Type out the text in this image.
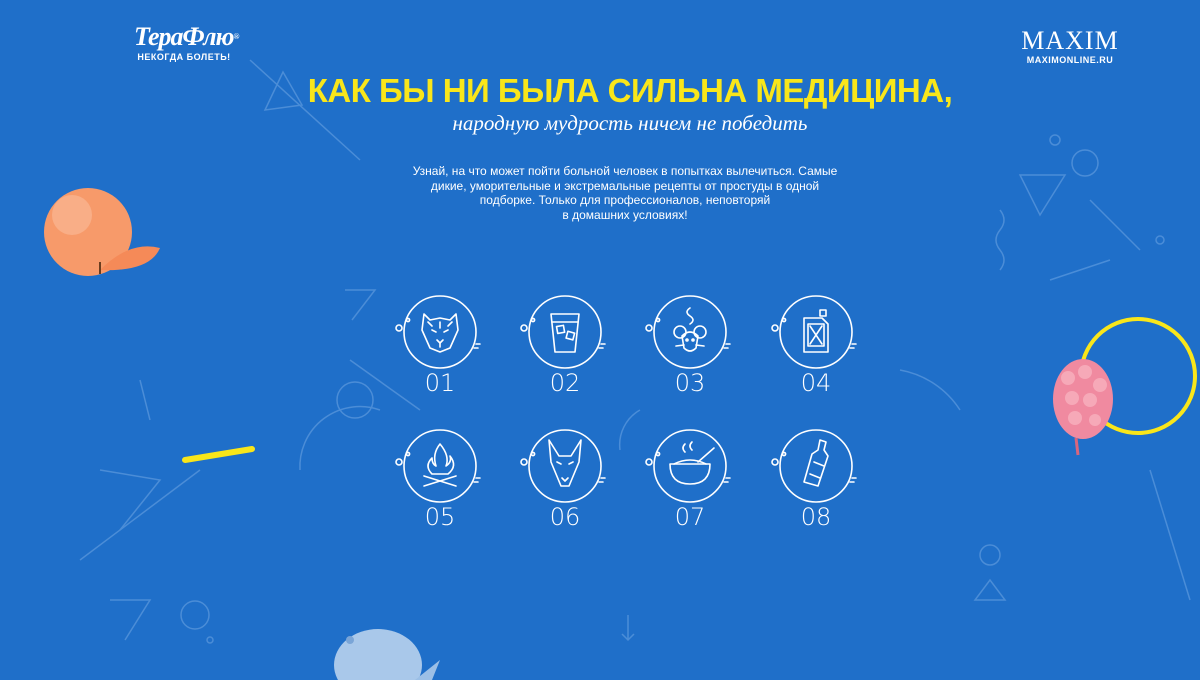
ТераФлю®
НЕКОГДА БОЛЕТЬ!
MAXIM
MAXIMONLINE.RU
КАК БЫ НИ БЫЛА СИЛЬНА МЕДИЦИНА,
народную мудрость ничем не победить
Узнай, на что может пойти больной человек в попытках вылечиться. Самые
дикие, уморительные и экстремальные рецепты от простуды в одной
подборке. Только для профессионалов, неповторяй
в домашних условиях!
01	02	03	04
05	06	07	08
